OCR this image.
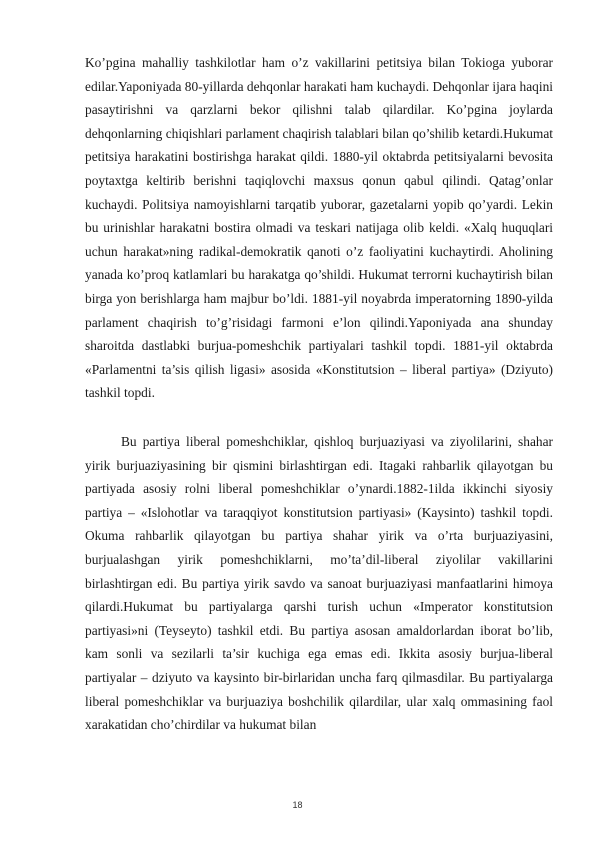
Ko’pgina mahalliy tashkilotlar ham o’z vakillarini petitsiya bilan Tokioga yuborar edilar.Yaponiyada 80-yillarda dehqonlar harakati ham kuchaydi. Dehqonlar ijara haqini pasaytirishni va qarzlarni bekor qilishni talab qilardilar. Ko’pgina joylarda dehqonlarning chiqishlari parlament chaqirish talablari bilan qo’shilib ketardi.Hukumat petitsiya harakatini bostirishga harakat qildi. 1880-yil oktabrda petitsiyalarni bevosita poytaxtga keltirib berishni taqiqlovchi maxsus qonun qabul qilindi. Qatag’onlar kuchaydi. Politsiya namoyishlarni tarqatib yuborar, gazetalarni yopib qo’yardi. Lekin bu urinishlar harakatni bostira olmadi va teskari natijaga olib keldi. «Xalq huquqlari uchun harakat»ning radikal-demokratik qanoti o’z faoliyatini kuchaytirdi. Aholining yanada ko’proq katlamlari bu harakatga qo’shildi. Hukumat terrorni kuchaytirish bilan birga yon berishlarga ham majbur bo’ldi. 1881-yil noyabrda imperatorning 1890-yilda parlament chaqirish to’g’risidagi farmoni e’lon qilindi.Yaponiyada ana shunday sharoitda dastlabki burjua-pomeshchik partiyalari tashkil topdi. 1881-yil oktabrda «Parlamentni ta’sis qilish ligasi» asosida «Konstitutsion – liberal partiya» (Dziyuto) tashkil topdi.

Bu partiya liberal pomeshchiklar, qishloq burjuaziyasi va ziyolilarini, shahar yirik burjuaziyasining bir qismini birlashtirgan edi. Itagaki rahbarlik qilayotgan bu partiyada asosiy rolni liberal pomeshchiklar o’ynardi.1882-1ilda ikkinchi siyosiy partiya – «Islohotlar va taraqqiyot konstitutsion partiyasi» (Kaysinto) tashkil topdi. Okuma rahbarlik qilayotgan bu partiya shahar yirik va o’rta burjuaziyasini, burjualashgan yirik pomeshchiklarni, mo’ta’dil-liberal ziyolilar vakillarini birlashtirgan edi. Bu partiya yirik savdo va sanoat burjuaziyasi manfaatlarini himoya qilardi.Hukumat bu partiyalarga qarshi turish uchun «Imperator konstitutsion partiyasi»ni (Teyseyto) tashkil etdi. Bu partiya asosan amaldorlardan iborat bo’lib, kam sonli va sezilarli ta’sir kuchiga ega emas edi. Ikkita asosiy burjua-liberal partiyalar – dziyuto va kaysinto bir-birlaridan uncha farq qilmasdilar. Bu partiyalarga liberal pomeshchiklar va burjuaziya boshchilik qilardilar, ular xalq ommasining faol xarakatidan cho’chirdilar va hukumat bilan

18
